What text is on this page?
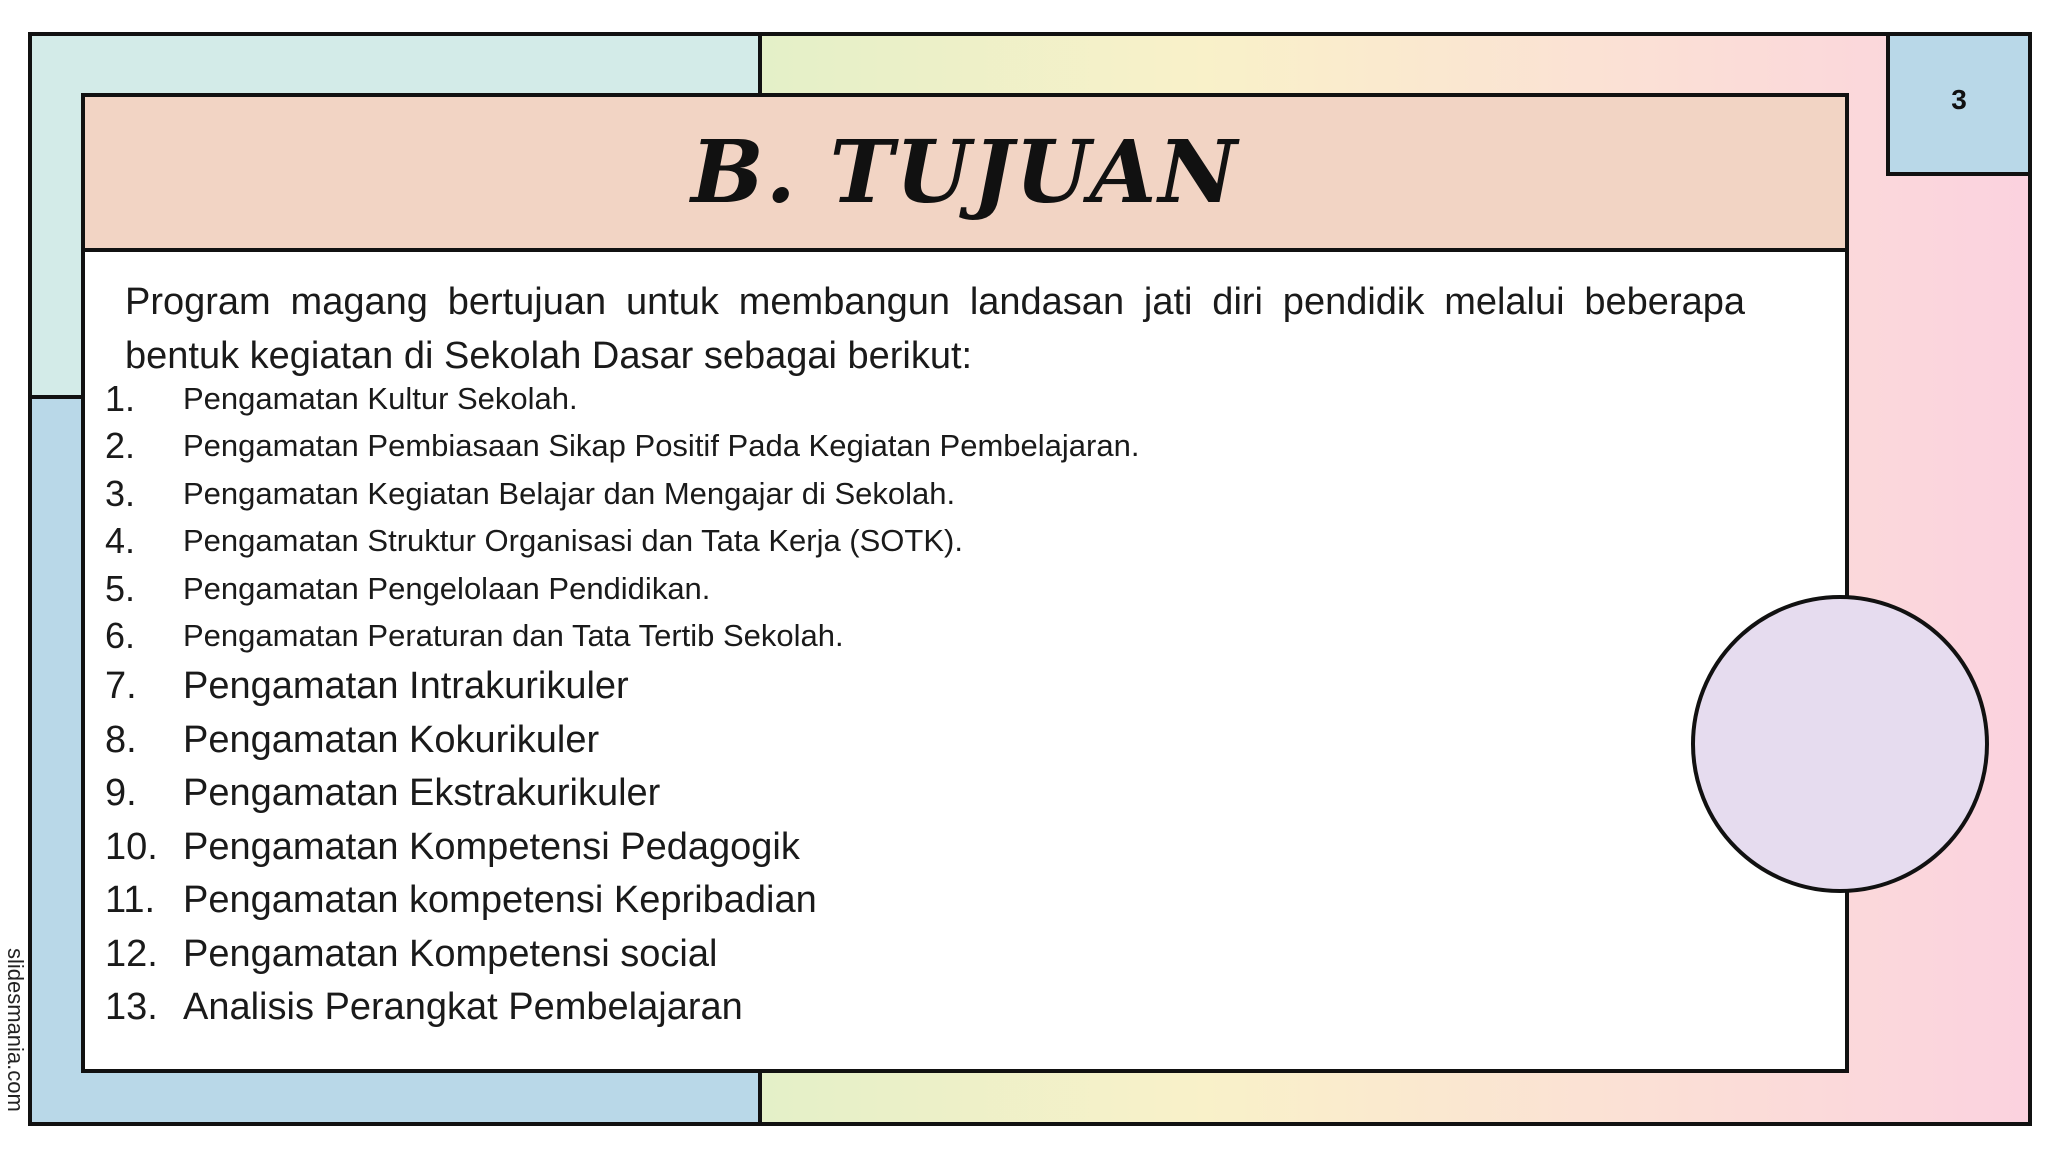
3
B. TUJUAN
Program magang bertujuan untuk membangun landasan jati diri pendidik melalui beberapa bentuk kegiatan di Sekolah Dasar sebagai berikut:
1.	Pengamatan Kultur Sekolah.
2.	Pengamatan Pembiasaan Sikap Positif Pada Kegiatan Pembelajaran.
3.	Pengamatan Kegiatan Belajar dan Mengajar di Sekolah.
4.	Pengamatan Struktur Organisasi dan Tata Kerja (SOTK).
5.	Pengamatan Pengelolaan Pendidikan.
6.	Pengamatan Peraturan dan Tata Tertib Sekolah.
7.	Pengamatan Intrakurikuler
8.	Pengamatan Kokurikuler
9.	Pengamatan Ekstrakurikuler
10. Pengamatan Kompetensi Pedagogik
11. Pengamatan kompetensi Kepribadian
12. Pengamatan Kompetensi social
13. Analisis Perangkat Pembelajaran
slidesmania.com
